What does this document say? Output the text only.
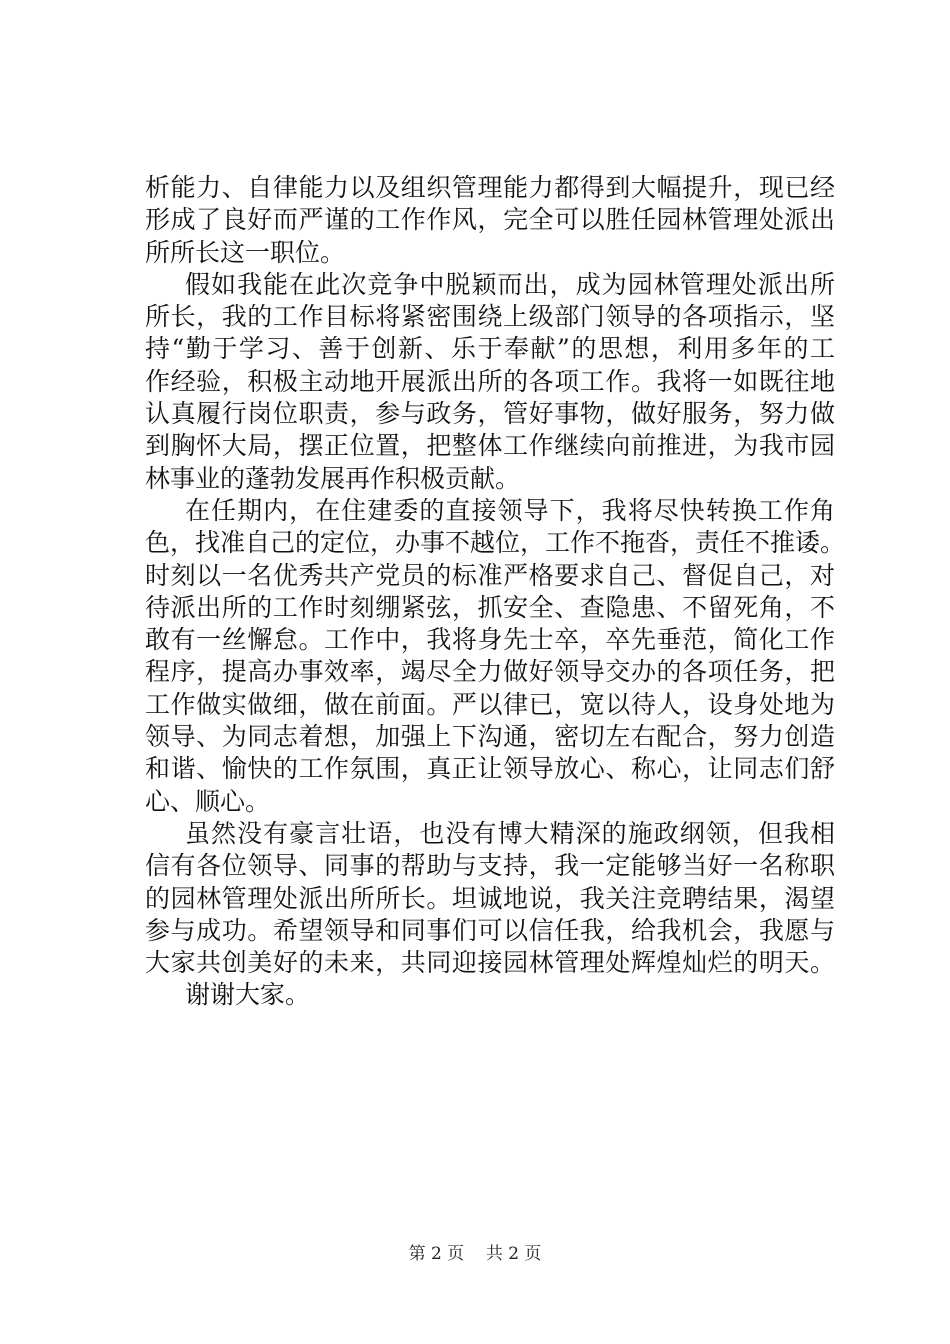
析能力、自律能力以及组织管理能力都得到大幅提升，现已经
形成了良好而严谨的工作作风，完全可以胜任园林管理处派出
所所长这一职位。
假如我能在此次竞争中脱颖而出，成为园林管理处派出所
所长，我的工作目标将紧密围绕上级部门领导的各项指示，坚
持“勤于学习、善于创新、乐于奉献”的思想，利用多年的工
作经验，积极主动地开展派出所的各项工作。我将一如既往地
认真履行岗位职责，参与政务，管好事物，做好服务，努力做
到胸怀大局，摆正位置，把整体工作继续向前推进，为我市园
林事业的蓬勃发展再作积极贡献。
在任期内，在住建委的直接领导下，我将尽快转换工作角
色，找准自己的定位，办事不越位，工作不拖沓，责任不推诿。
时刻以一名优秀共产党员的标准严格要求自己、督促自己，对
待派出所的工作时刻绷紧弦，抓安全、查隐患、不留死角，不
敢有一丝懈怠。工作中，我将身先士卒，卒先垂范，简化工作
程序，提高办事效率，竭尽全力做好领导交办的各项任务，把
工作做实做细，做在前面。严以律已，宽以待人，设身处地为
领导、为同志着想，加强上下沟通，密切左右配合，努力创造
和谐、愉快的工作氛围，真正让领导放心、称心，让同志们舒
心、顺心。
虽然没有豪言壮语，也没有博大精深的施政纲领，但我相
信有各位领导、同事的帮助与支持，我一定能够当好一名称职
的园林管理处派出所所长。坦诚地说，我关注竞聘结果，渴望
参与成功。希望领导和同事们可以信任我，给我机会，我愿与
大家共创美好的未来，共同迎接园林管理处辉煌灿烂的明天。
谢谢大家。
第 2 页 共 2 页
